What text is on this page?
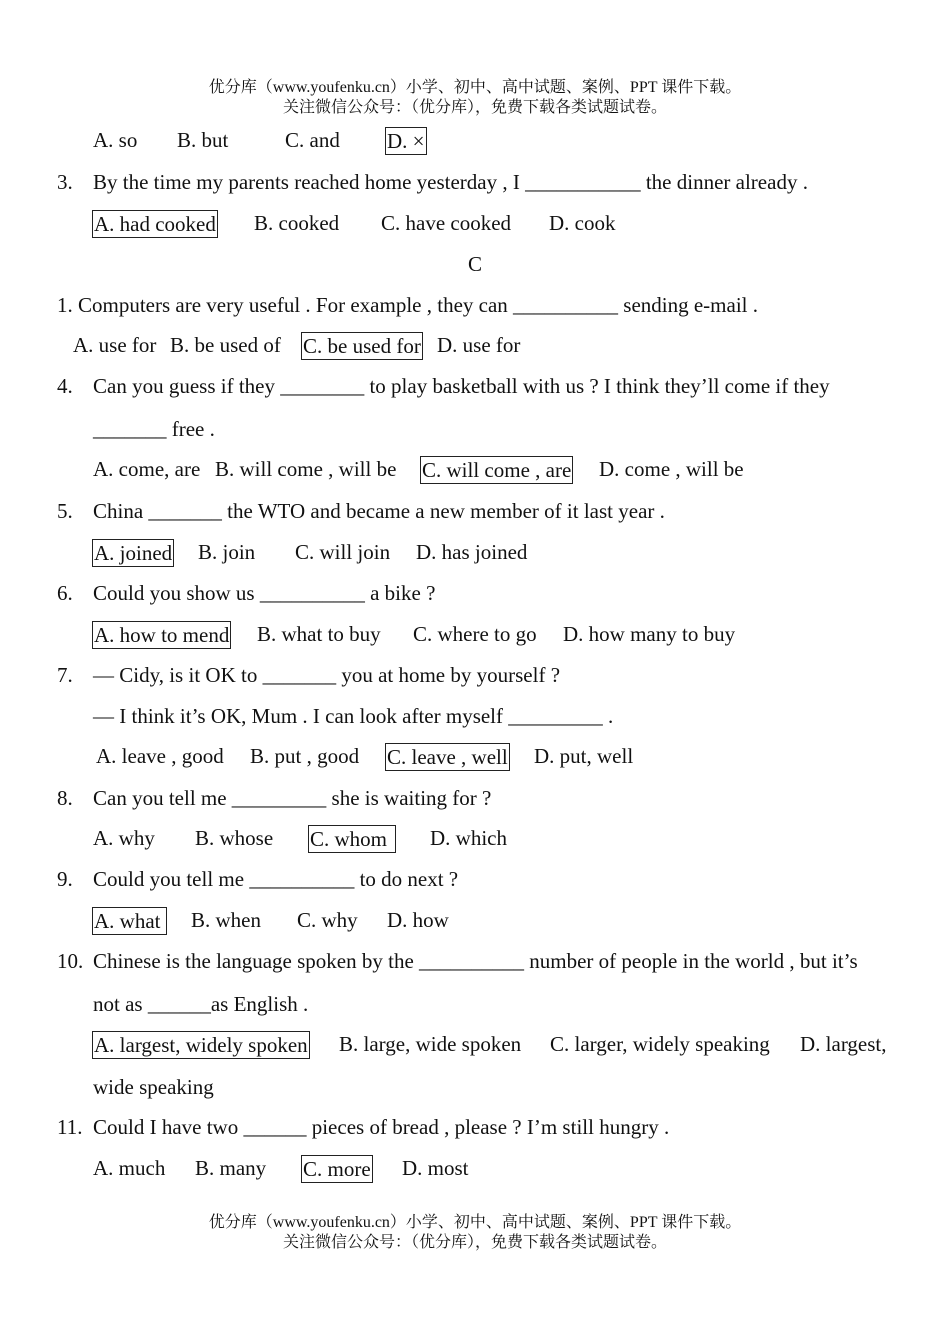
优分库（www.youfenku.cn）小学、初中、高中试题、案例、PPT 课件下载。
关注微信公众号：（优分库），免费下载各类试题试卷。
A. so B. but	C. and D. ×
3. By the time my parents reached home yesterday , I ___________ the dinner already .
A. had cooked B. cooked C. have cooked D. cook
C
1. Computers are very useful . For example , they can __________ sending e-mail .
A. use for B. be used of C. be used for D. use for
4. Can you guess if they ________ to play basketball with us ? I think they’ll come if they
_______ free .
A. come, are B. will come , will be C. will come , are D. come , will be
5. China _______ the WTO and became a new member of it last year .
A. joined B. join C. will join D. has joined
6. Could you show us __________ a bike ?
A. how to mend B. what to buy C. where to go D. how many to buy
7. — Cidy, is it OK to _______ you at home by yourself ?
— I think it’s OK, Mum . I can look after myself _________ .
A. leave , good B. put , good C. leave , well D. put, well
8. Can you tell me _________ she is waiting for ?
A. why B. whose C. whom	D. which
9. Could you tell me __________ to do next ?
A. what	B. when C. why D. how
10. Chinese is the language spoken by the __________ number of people in the world , but it’s
not as ______as English .
A. largest, widely spoken B. large, wide spoken C. larger, widely speaking D. largest,
wide speaking
11. Could I have two ______ pieces of bread , please ? I’m still hungry .
A. much B. many C. more D. most
优分库（www.youfenku.cn）小学、初中、高中试题、案例、PPT 课件下载。
关注微信公众号：（优分库），免费下载各类试题试卷。
